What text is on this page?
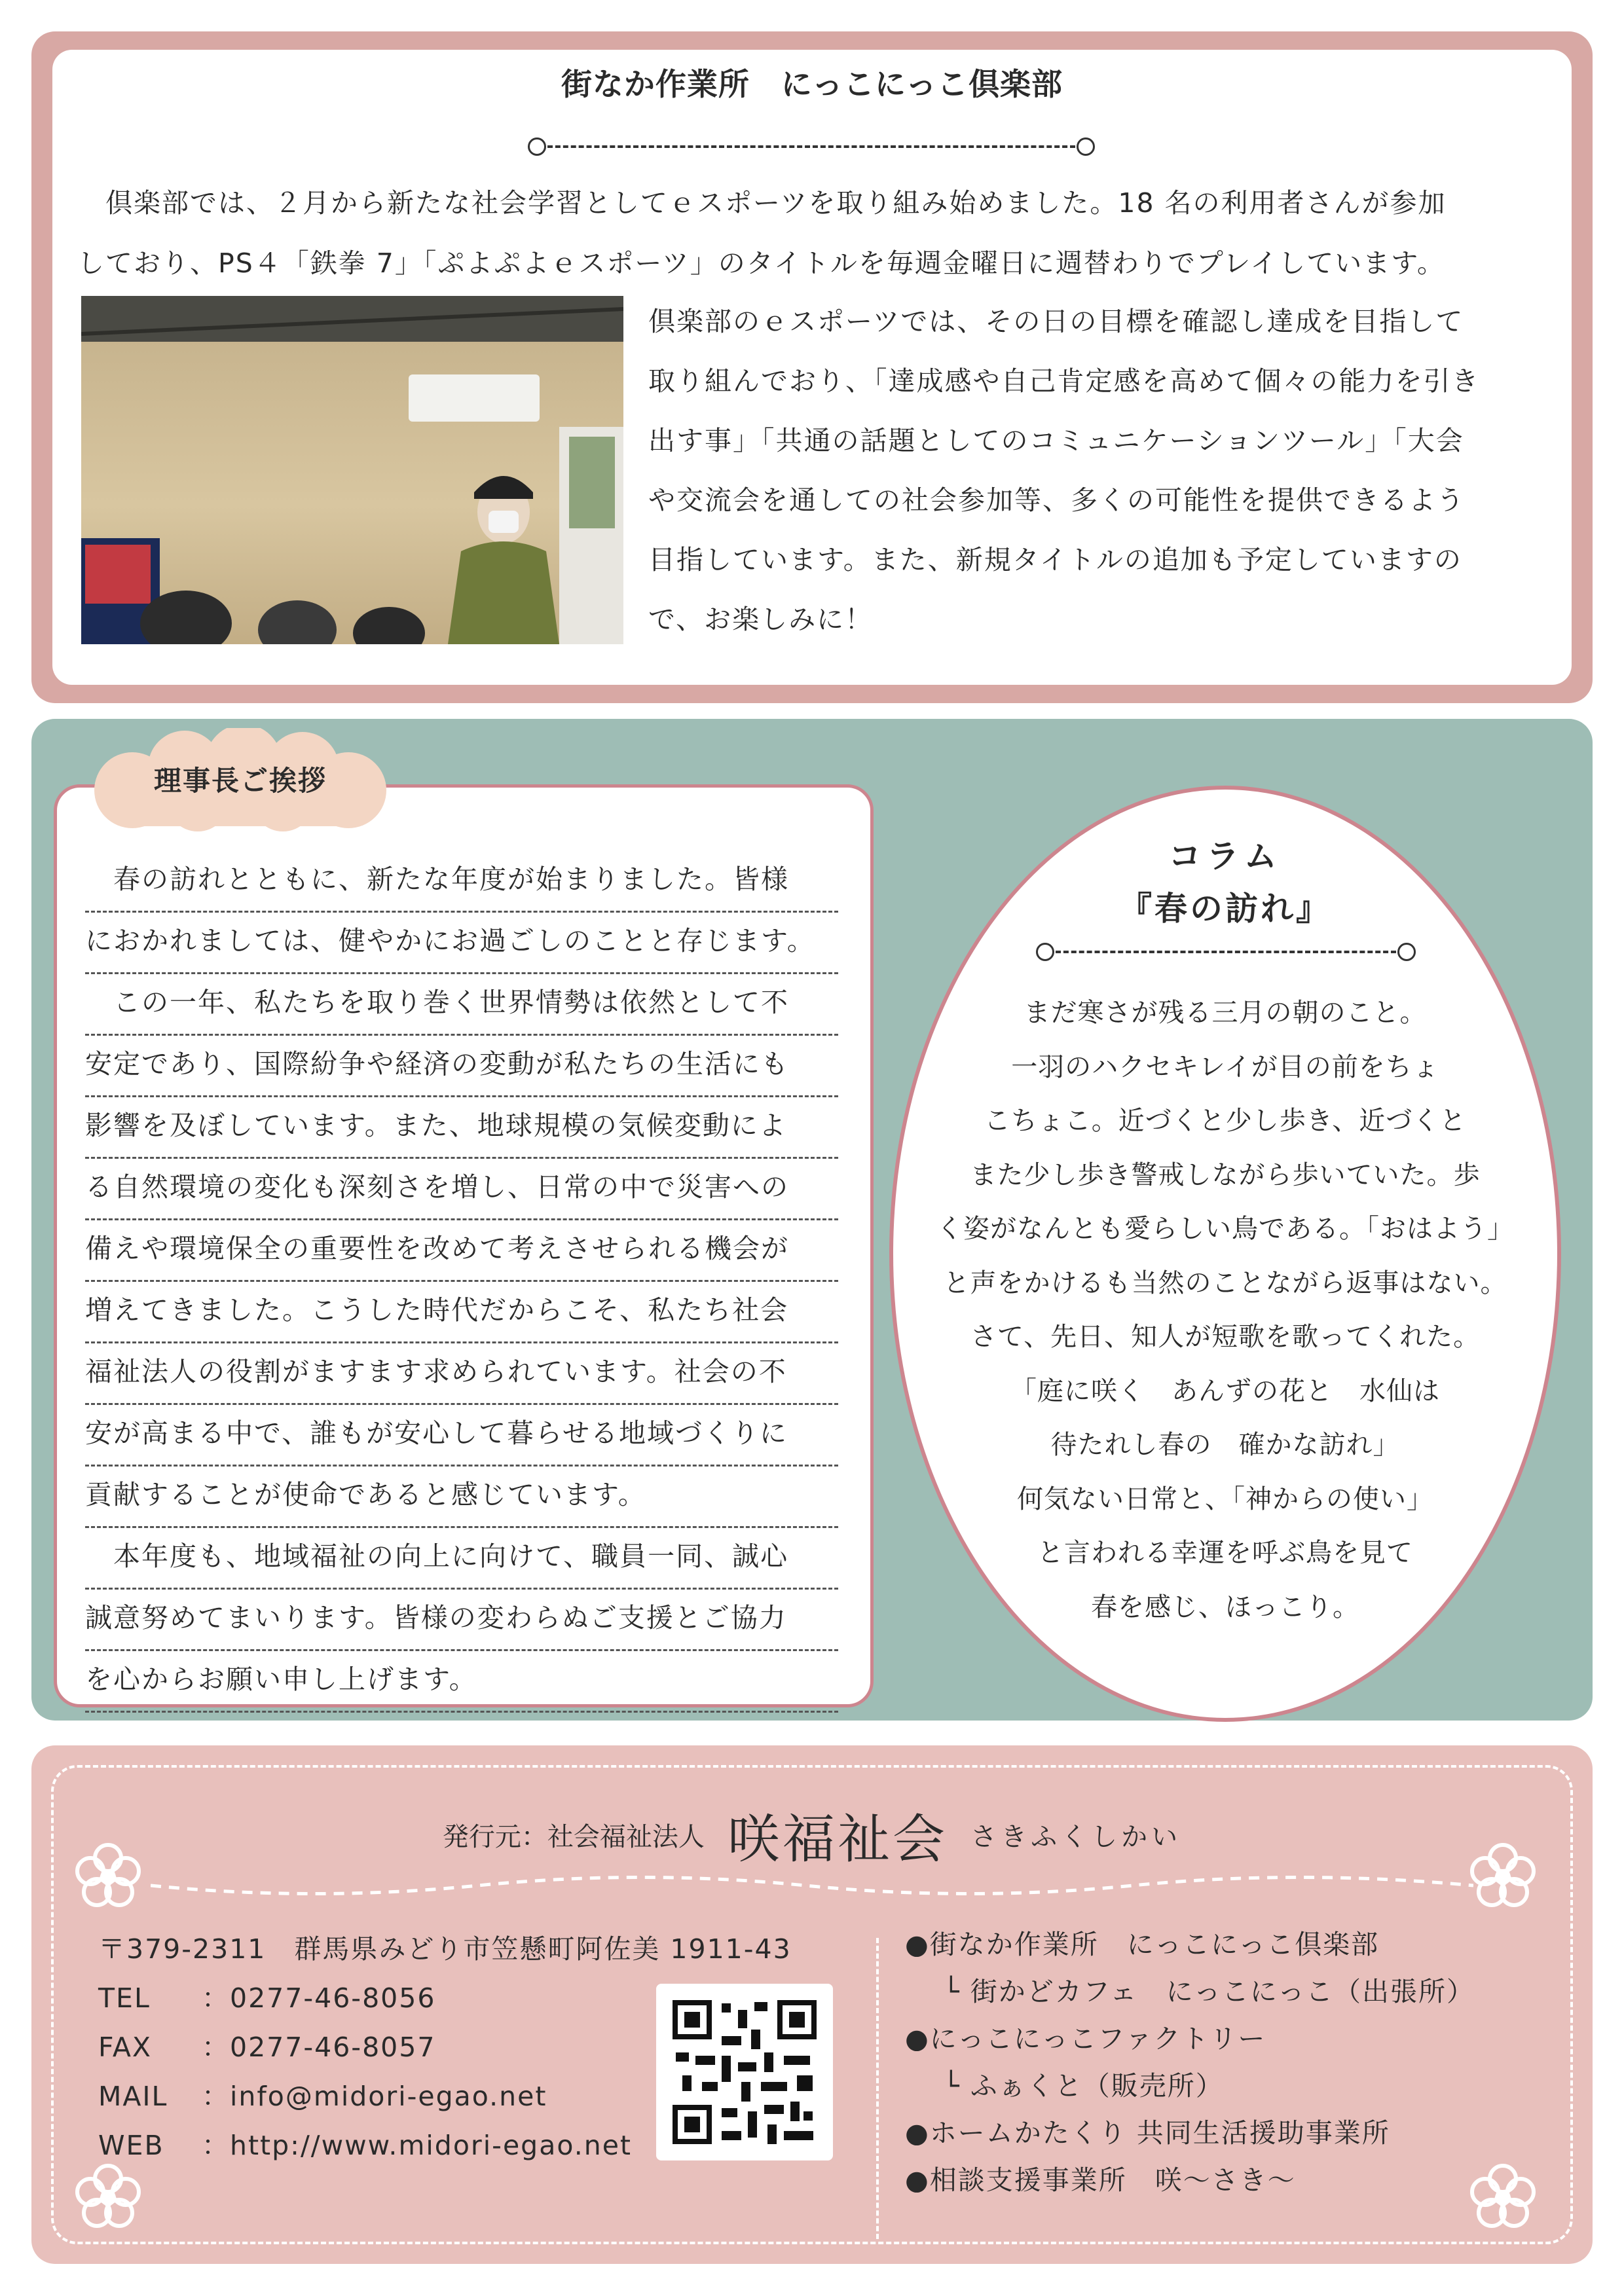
街なか作業所　にっこにっこ倶楽部
　倶楽部では、２月から新たな社会学習としてｅスポーツを取り組み始めました。18 名の利用者さんが参加
しており、PS４「鉄拳 7」「ぷよぷよｅスポーツ」のタイトルを毎週金曜日に週替わりでプレイしています。
倶楽部のｅスポーツでは、その日の目標を確認し達成を目指して
取り組んでおり、「達成感や自己肯定感を高めて個々の能力を引き
出す事」「共通の話題としてのコミュニケーションツール」「大会
や交流会を通しての社会参加等、多くの可能性を提供できるよう
目指しています。また、新規タイトルの追加も予定していますの
で、お楽しみに！
理事長ご挨拶
　春の訪れとともに、新たな年度が始まりました。皆様
におかれましては、健やかにお過ごしのことと存じます。
　この一年、私たちを取り巻く世界情勢は依然として不
安定であり、国際紛争や経済の変動が私たちの生活にも
影響を及ぼしています。また、地球規模の気候変動によ
る自然環境の変化も深刻さを増し、日常の中で災害への
備えや環境保全の重要性を改めて考えさせられる機会が
増えてきました。こうした時代だからこそ、私たち社会
福祉法人の役割がますます求められています。社会の不
安が高まる中で、誰もが安心して暮らせる地域づくりに
貢献することが使命であると感じています。
　本年度も、地域福祉の向上に向けて、職員一同、誠心
誠意努めてまいります。皆様の変わらぬご支援とご協力
を心からお願い申し上げます。
コラム
『春の訪れ』
まだ寒さが残る三月の朝のこと。
一羽のハクセキレイが目の前をちょ
こちょこ。近づくと少し歩き、近づくと
また少し歩き警戒しながら歩いていた。歩
く姿がなんとも愛らしい鳥である。「おはよう」
と声をかけるも当然のことながら返事はない。
さて、先日、知人が短歌を歌ってくれた。
「庭に咲く　あんずの花と　水仙は
待たれし春の　確かな訪れ」
何気ない日常と、「神からの使い」
と言われる幸運を呼ぶ鳥を見て
春を感じ、ほっこり。
発行元：社会福祉法人 咲福祉会 さきふくしかい
〒379-2311　群馬県みどり市笠懸町阿佐美 1911-43
TEL ：0277-46-8056
FAX ：0277-46-8057
MAIL ：info@midori-egao.net
WEB ：http://www.midori-egao.net
●街なか作業所　にっこにっこ倶楽部
　 └ 街かどカフェ　にっこにっこ（出張所）
●にっこにっこファクトリー
　 └ ふぁくと（販売所）
●ホームかたくり 共同生活援助事業所
●相談支援事業所　咲〜さき〜
